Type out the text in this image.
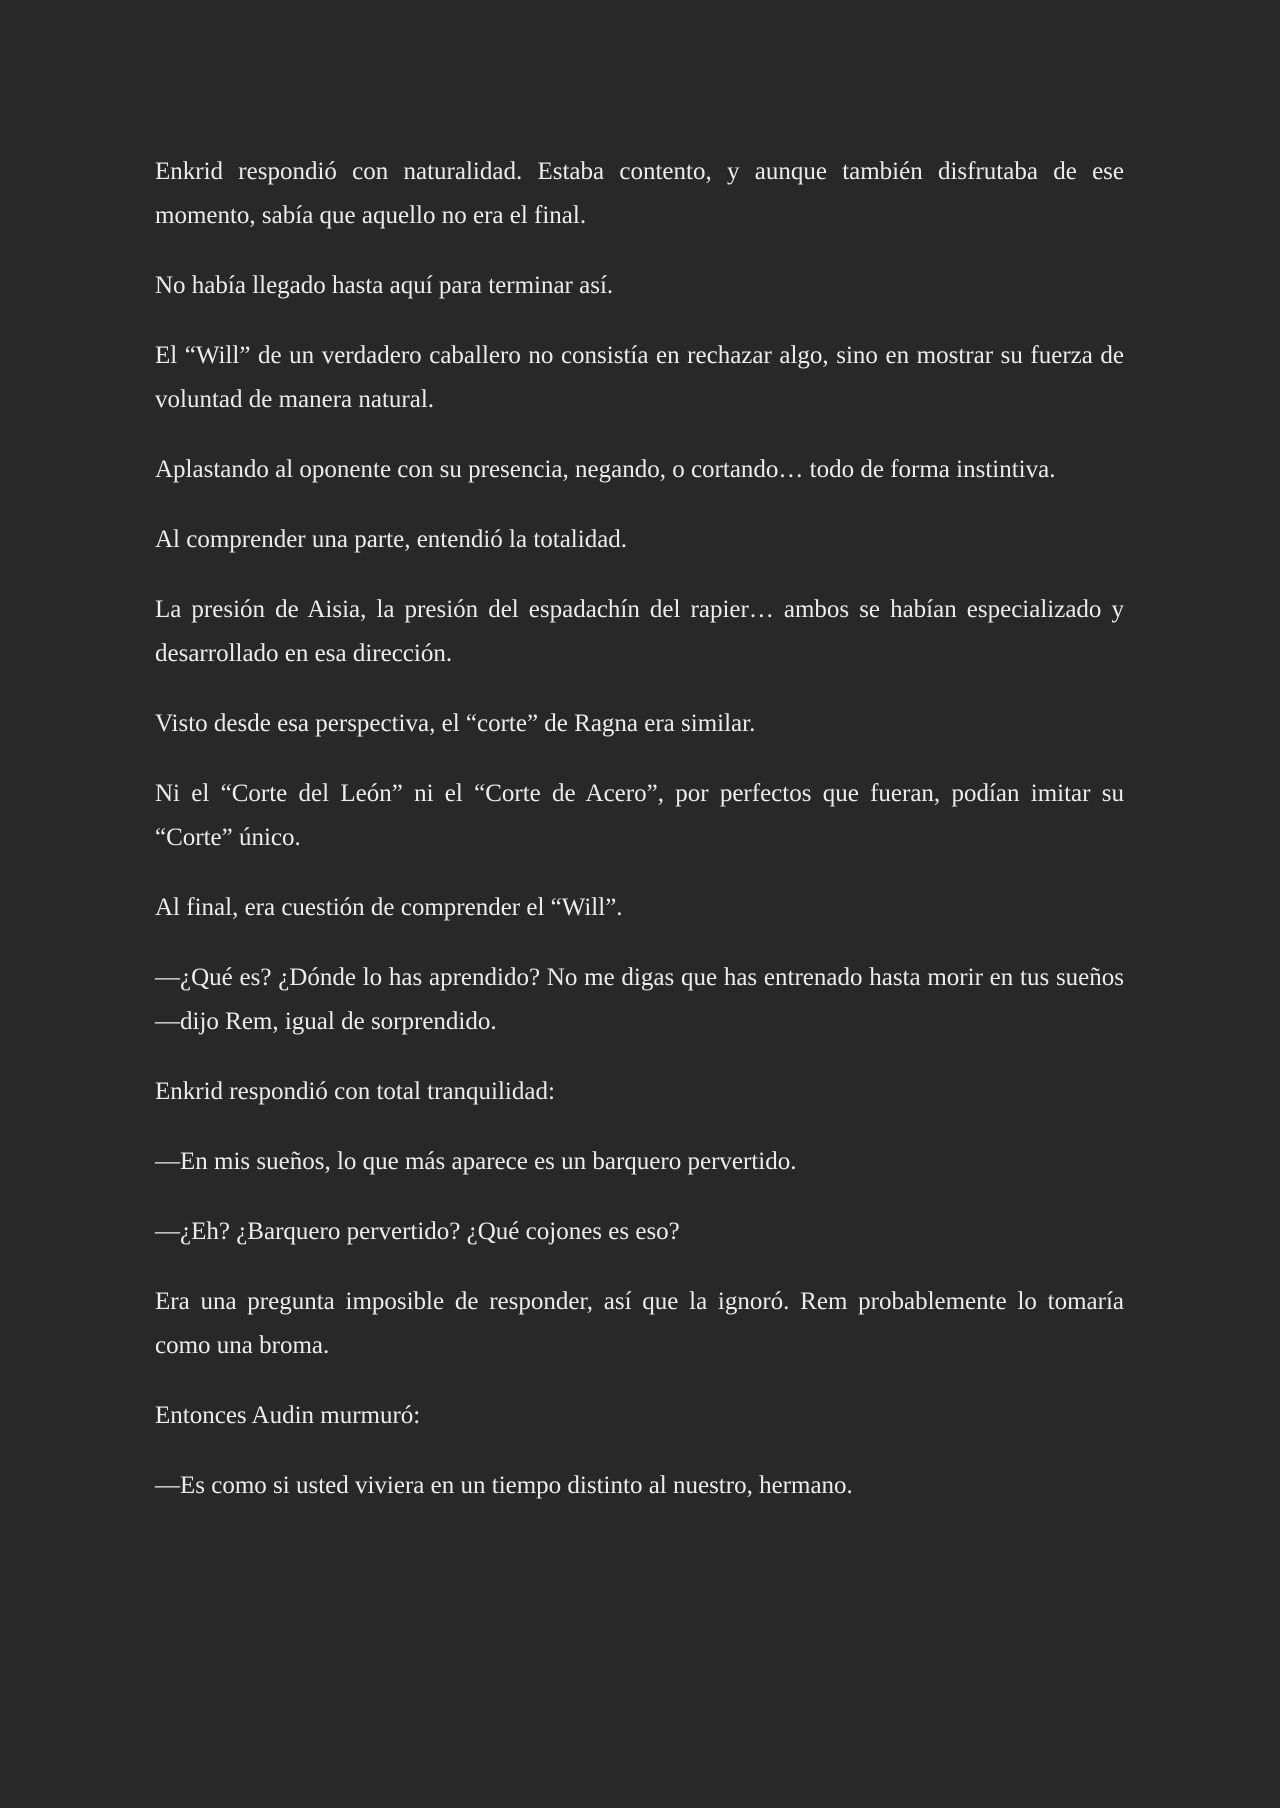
Enkrid respondió con naturalidad. Estaba contento, y aunque también disfrutaba de ese momento, sabía que aquello no era el final.

No había llegado hasta aquí para terminar así.

El “Will” de un verdadero caballero no consistía en rechazar algo, sino en mostrar su fuerza de voluntad de manera natural.

Aplastando al oponente con su presencia, negando, o cortando… todo de forma instintiva.

Al comprender una parte, entendió la totalidad.

La presión de Aisia, la presión del espadachín del rapier… ambos se habían especializado y desarrollado en esa dirección.

Visto desde esa perspectiva, el “corte” de Ragna era similar.

Ni el “Corte del León” ni el “Corte de Acero”, por perfectos que fueran, podían imitar su “Corte” único.

Al final, era cuestión de comprender el “Will”.

—¿Qué es? ¿Dónde lo has aprendido? No me digas que has entrenado hasta morir en tus sueños—dijo Rem, igual de sorprendido.

Enkrid respondió con total tranquilidad:

—En mis sueños, lo que más aparece es un barquero pervertido.

—¿Eh? ¿Barquero pervertido? ¿Qué cojones es eso?

Era una pregunta imposible de responder, así que la ignoró. Rem probablemente lo tomaría como una broma.

Entonces Audin murmuró:

—Es como si usted viviera en un tiempo distinto al nuestro, hermano.
